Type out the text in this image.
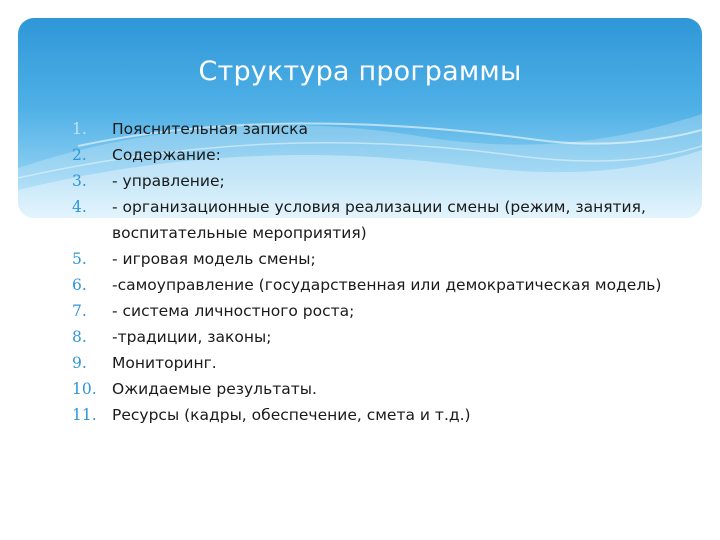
Структура программы
1. Пояснительная записка
2. Содержание:
3. - управление;
4. - организационные условия реализации смены (режим, занятия, воспитательные мероприятия)
5. - игровая модель смены;
6. -самоуправление (государственная или демократическая модель)
7. - система личностного роста;
8. -традиции, законы;
9. Мониторинг.
10. Ожидаемые результаты.
11. Ресурсы (кадры, обеспечение, смета и т.д.)
